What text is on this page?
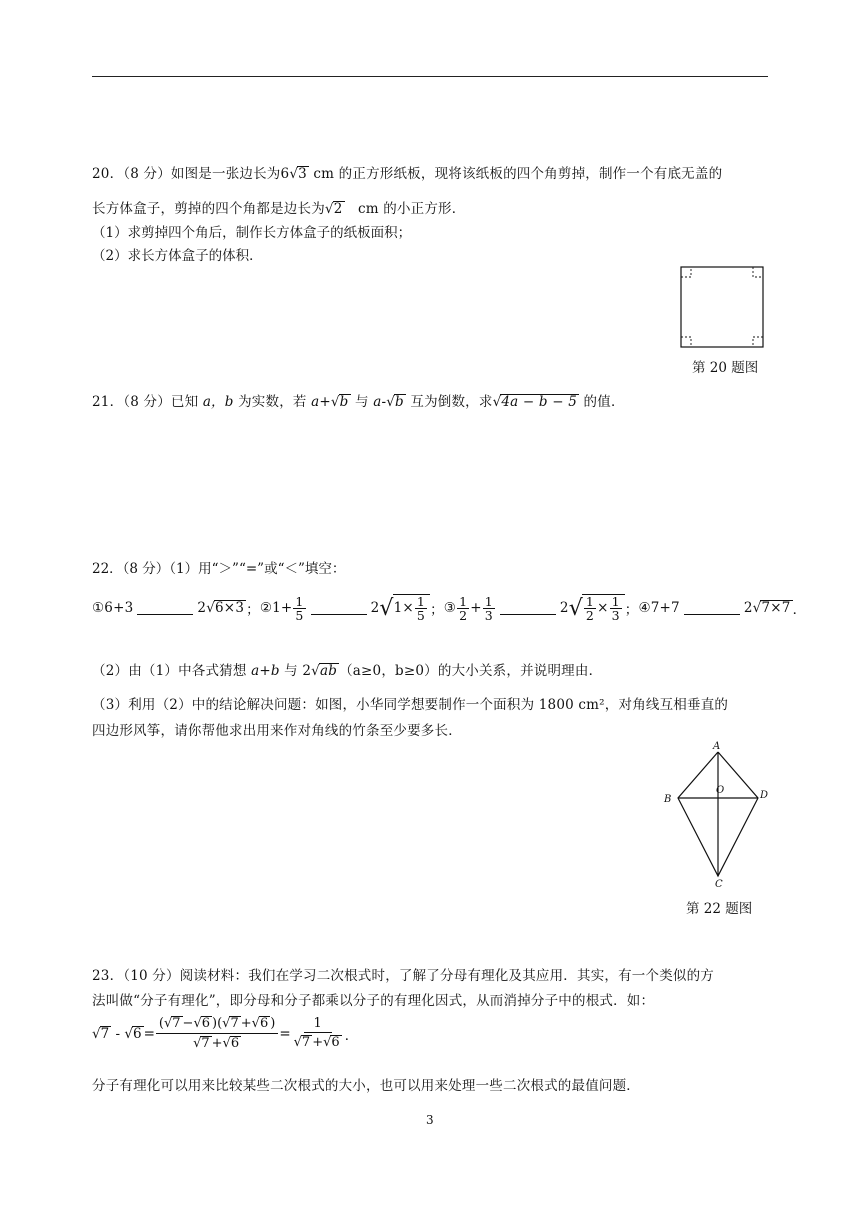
20．（8 分）如图是一张边长为6√3 cm 的正方形纸板，现将该纸板的四个角剪掉，制作一个有底无盖的
长方体盒子，剪掉的四个角都是边长为√2   cm 的小正方形．
（1）求剪掉四个角后，制作长方体盒子的纸板面积；
（2）求长方体盒子的体积．
第 20 题图
21．（8 分）已知 a，b 为实数，若 a+√b 与 a-√b 互为倒数，求√4a − b − 5 的值．
22．（8 分）（1）用“＞”“=”或“＜”填空：
①6+3	2 √ 6×3 ； ②1+ $\frac{1}{5}$	2 √ $1\times \frac{1}{5}$ ； ③ $\frac{1}{2} + \frac{1}{3}$	2 √ $\frac{1}{2} \times \frac{1}{3}$ ； ④7+7	2 √ 7×7 ．
（2）由（1）中各式猜想 a+b 与 2√ab （a≥0，b≥0）的大小关系，并说明理由．
（3）利用（2）中的结论解决问题：如图，小华同学想要制作一个面积为 1800 cm²，对角线互相垂直的
四边形风筝，请你帮他求出用来作对角线的竹条至少要多长．
A
B	D
O
C
第 22 题图
23．（10 分）阅读材料：我们在学习二次根式时，了解了分母有理化及其应用．其实，有一个类似的方
法叫做“分子有理化”，即分母和分子都乘以分子的有理化因式，从而消掉分子中的根式．如：
√ 7 - √ $6 = \frac{(√7 -√6 )(√7 +√6 )}{√7 +√6} = \frac{1}{√7 +√6}$ ．
分子有理化可以用来比较某些二次根式的大小，也可以用来处理一些二次根式的最值问题．
3
